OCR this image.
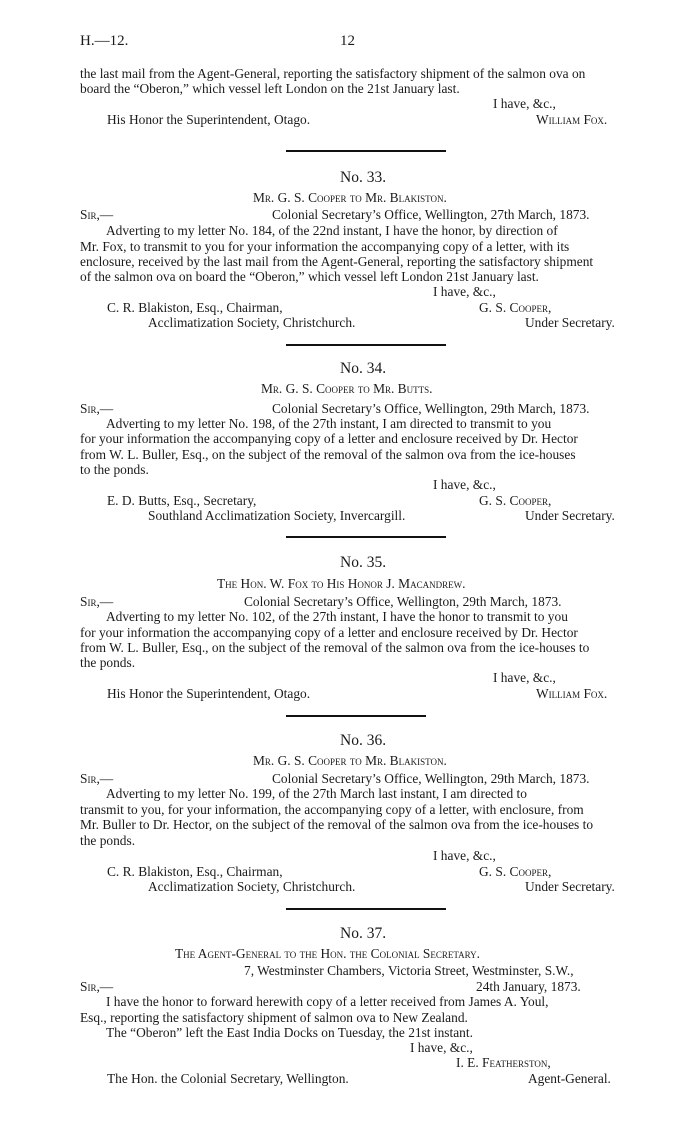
H.—12.	12
the last mail from the Agent-General, reporting the satisfactory shipment of the salmon ova on
board the “Oberon,” which vessel left London on the 21st January last.
I have, &c.,
His Honor the Superintendent, Otago.	William Fox.
No. 33.
Mr. G. S. Cooper to Mr. Blakiston.
Sir,—	Colonial Secretary’s Office, Wellington, 27th March, 1873.
Adverting to my letter No. 184, of the 22nd instant, I have the honor, by direction of
Mr. Fox, to transmit to you for your information the accompanying copy of a letter, with its
enclosure, received by the last mail from the Agent-General, reporting the satisfactory shipment
of the salmon ova on board the “Oberon,” which vessel left London 21st January last.
I have, &c.,
C. R. Blakiston, Esq., Chairman,	G. S. Cooper,
Acclimatization Society, Christchurch.	Under Secretary.
No. 34.
Mr. G. S. Cooper to Mr. Butts.
Sir,—	Colonial Secretary’s Office, Wellington, 29th March, 1873.
Adverting to my letter No. 198, of the 27th instant, I am directed to transmit to you
for your information the accompanying copy of a letter and enclosure received by Dr. Hector
from W. L. Buller, Esq., on the subject of the removal of the salmon ova from the ice-houses
to the ponds.
I have, &c.,
E. D. Butts, Esq., Secretary,	G. S. Cooper,
Southland Acclimatization Society, Invercargill.	Under Secretary.
No. 35.
The Hon. W. Fox to His Honor J. Macandrew.
Sir,—	Colonial Secretary’s Office, Wellington, 29th March, 1873.
Adverting to my letter No. 102, of the 27th instant, I have the honor to transmit to you
for your information the accompanying copy of a letter and enclosure received by Dr. Hector
from W. L. Buller, Esq., on the subject of the removal of the salmon ova from the ice-houses to
the ponds.
I have, &c.,
His Honor the Superintendent, Otago.	William Fox.
No. 36.
Mr. G. S. Cooper to Mr. Blakiston.
Sir,—	Colonial Secretary’s Office, Wellington, 29th March, 1873.
Adverting to my letter No. 199, of the 27th March last instant, I am directed to
transmit to you, for your information, the accompanying copy of a letter, with enclosure, from
Mr. Buller to Dr. Hector, on the subject of the removal of the salmon ova from the ice-houses to
the ponds.
I have, &c.,
C. R. Blakiston, Esq., Chairman,	G. S. Cooper,
Acclimatization Society, Christchurch.	Under Secretary.
No. 37.
The Agent-General to the Hon. the Colonial Secretary.
7, Westminster Chambers, Victoria Street, Westminster, S.W.,
Sir,—	24th January, 1873.
I have the honor to forward herewith copy of a letter received from James A. Youl,
Esq., reporting the satisfactory shipment of salmon ova to New Zealand.
The “Oberon” left the East India Docks on Tuesday, the 21st instant.
I have, &c.,
I. E. Featherston,
The Hon. the Colonial Secretary, Wellington.	Agent-General.
